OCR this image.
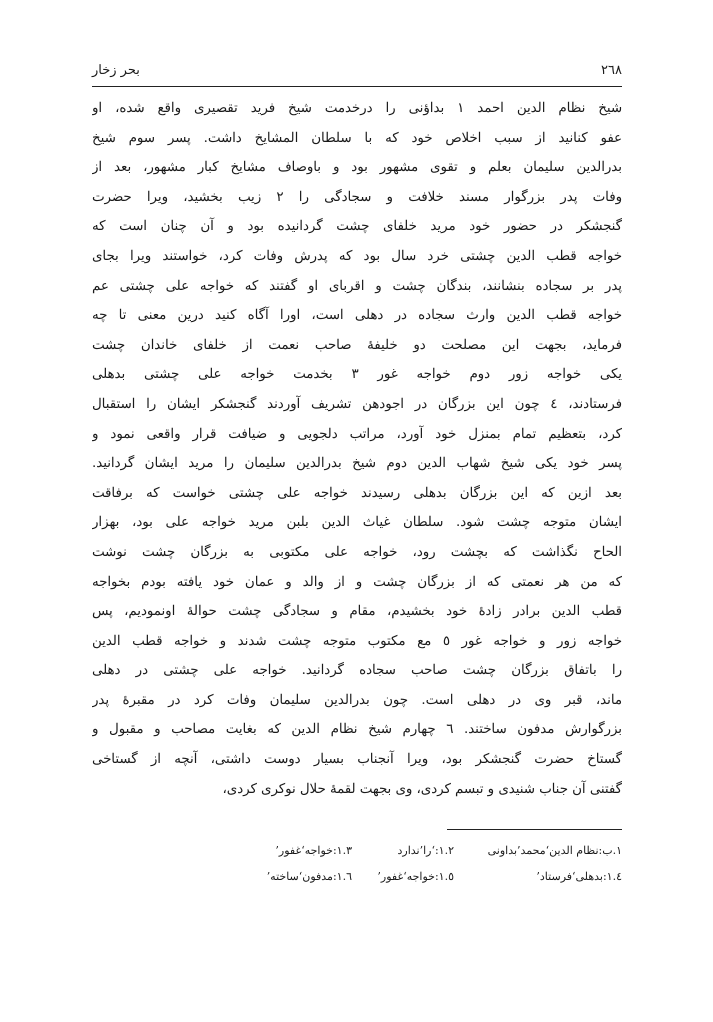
٢٦٨
بحر زخار
شیخ نظام الدین احمد ١ بداؤنی را درخدمت شیخ فرید تقصیری واقع شده، او
عفو کنانید از سبب اخلاص خود که با سلطان المشایخ داشت. پسر سوم شیخ
بدرالدین سلیمان بعلم و تقوی مشهور بود و باوصاف مشایخ کبار مشهور، بعد از
وفات پدر بزرگوار مسند خلافت و سجادگی را ٢ زیب بخشید، ویرا حضرت
گنجشکر در حضور خود مرید خلفای چشت گردانیده بود و آن چنان است که
خواجه قطب الدین چشتی خرد سال بود که پدرش وفات کرد، خواستند ویرا بجای
پدر بر سجاده بنشانند، بندگان چشت و اقربای او گفتند که خواجه علی چشتی عم
خواجه قطب الدین وارث سجاده در دهلی است، اورا آگاه کنید درین معنی تا چه
فرماید، بجهت این مصلحت دو خلیفۀ صاحب نعمت از خلفای خاندان چشت
یکی خواجه زور دوم خواجه غور ٣ بخدمت خواجه علی چشتی بدهلی
فرستادند، ٤ چون این بزرگان در اجودهن تشریف آوردند گنجشکر ایشان را استقبال
کرد، بتعظیم تمام بمنزل خود آورد، مراتب دلجویی و ضیافت قرار واقعی نمود و
پسر خود یکی شیخ شهاب الدین دوم شیخ بدرالدین سلیمان را مرید ایشان گردانید.
بعد ازین که این بزرگان بدهلی رسیدند خواجه علی چشتی خواست که برفاقت
ایشان متوجه چشت شود. سلطان غیاث الدین بلبن مرید خواجه علی بود، بهزار
الحاح نگذاشت که بچشت رود، خواجه علی مکتوبی به بزرگان چشت نوشت
که من هر نعمتی که از بزرگان چشت و از والد و عمان خود یافته بودم بخواجه
قطب الدین برادر زادۀ خود بخشیدم، مقام و سجادگی چشت حوالۀ اونمودیم، پس
خواجه زور و خواجه غور ٥ مع مکتوب متوجه چشت شدند و خواجه قطب الدین
را باتفاق بزرگان چشت صاحب سجاده گردانید. خواجه علی چشتی در دهلی
ماند، قبر وی در دهلی است. چون بدرالدین سلیمان وفات کرد در مقبرۀ پدر
بزرگوارش مدفون ساختند. ٦ چهارم شیخ نظام الدین که بغایت مصاحب و مقبول و
گستاخ حضرت گنجشکر بود، ویرا آنجناب بسیار دوست داشتی، آنچه از گستاخی
گفتنی آن جناب شنیدی و تبسم کردی، وی بجهت لقمۀ حلال نوکری کردی،
١.ب:نظام الدین‘محمد’بداونی
١.٢:‘را’ندارد
١.٣:خواجه‘غفور’
١.٤:بدهلی‘فرستاد’
١.٥:خواجه‘غفور’
١.٦:مدفون‘ساخته’
